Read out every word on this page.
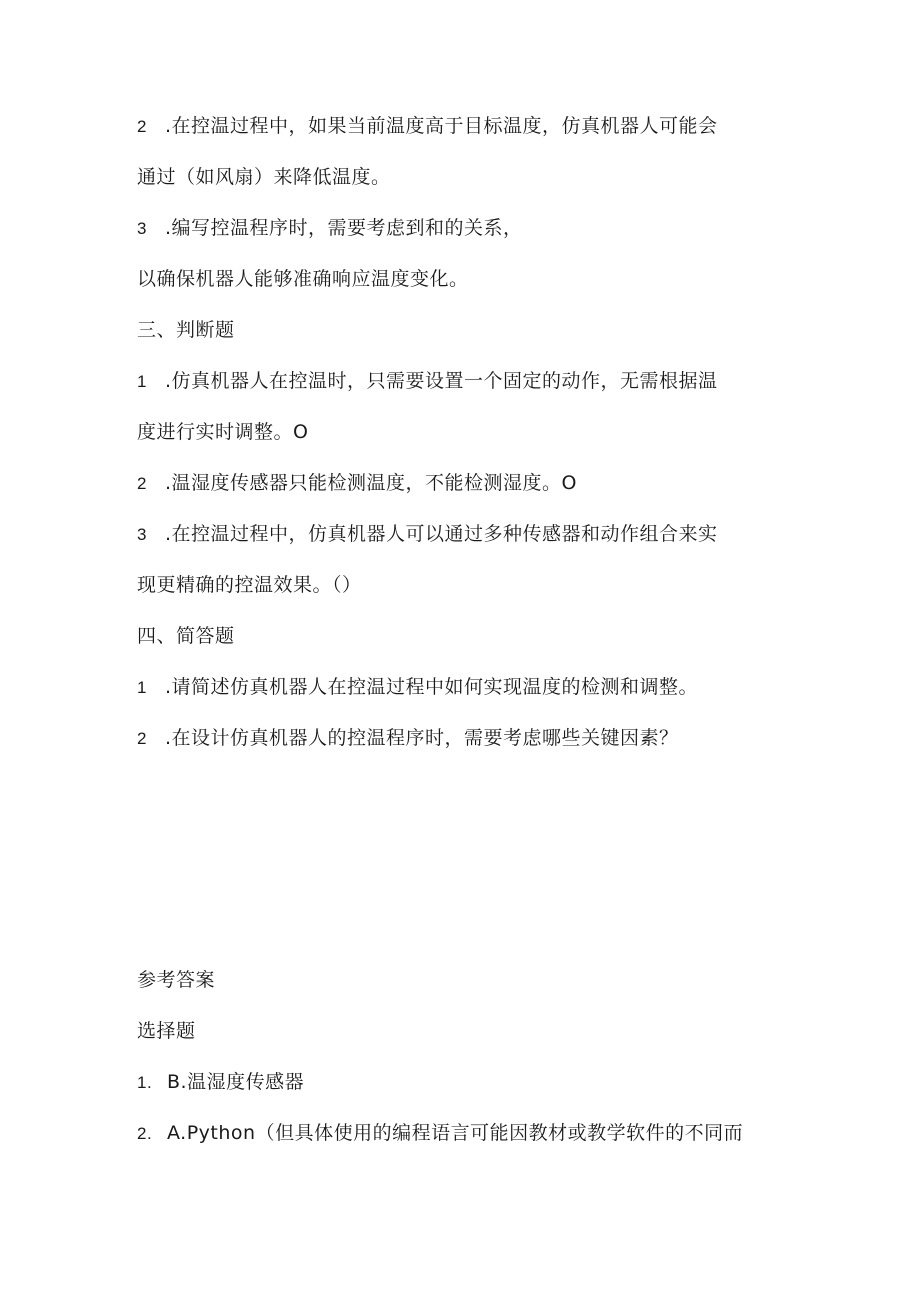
2 .在控温过程中，如果当前温度高于目标温度，仿真机器人可能会
通过（如风扇）来降低温度。
3 .编写控温程序时，需要考虑到和的关系，
以确保机器人能够准确响应温度变化。
三、判断题
1 .仿真机器人在控温时，只需要设置一个固定的动作，无需根据温
度进行实时调整。O
2 .温湿度传感器只能检测温度，不能检测湿度。O
3 .在控温过程中，仿真机器人可以通过多种传感器和动作组合来实
现更精确的控温效果。（）
四、简答题
1 .请简述仿真机器人在控温过程中如何实现温度的检测和调整。
2 .在设计仿真机器人的控温程序时，需要考虑哪些关键因素？
参考答案
选择题
1. B.温湿度传感器
2. A.Python（但具体使用的编程语言可能因教材或教学软件的不同而
